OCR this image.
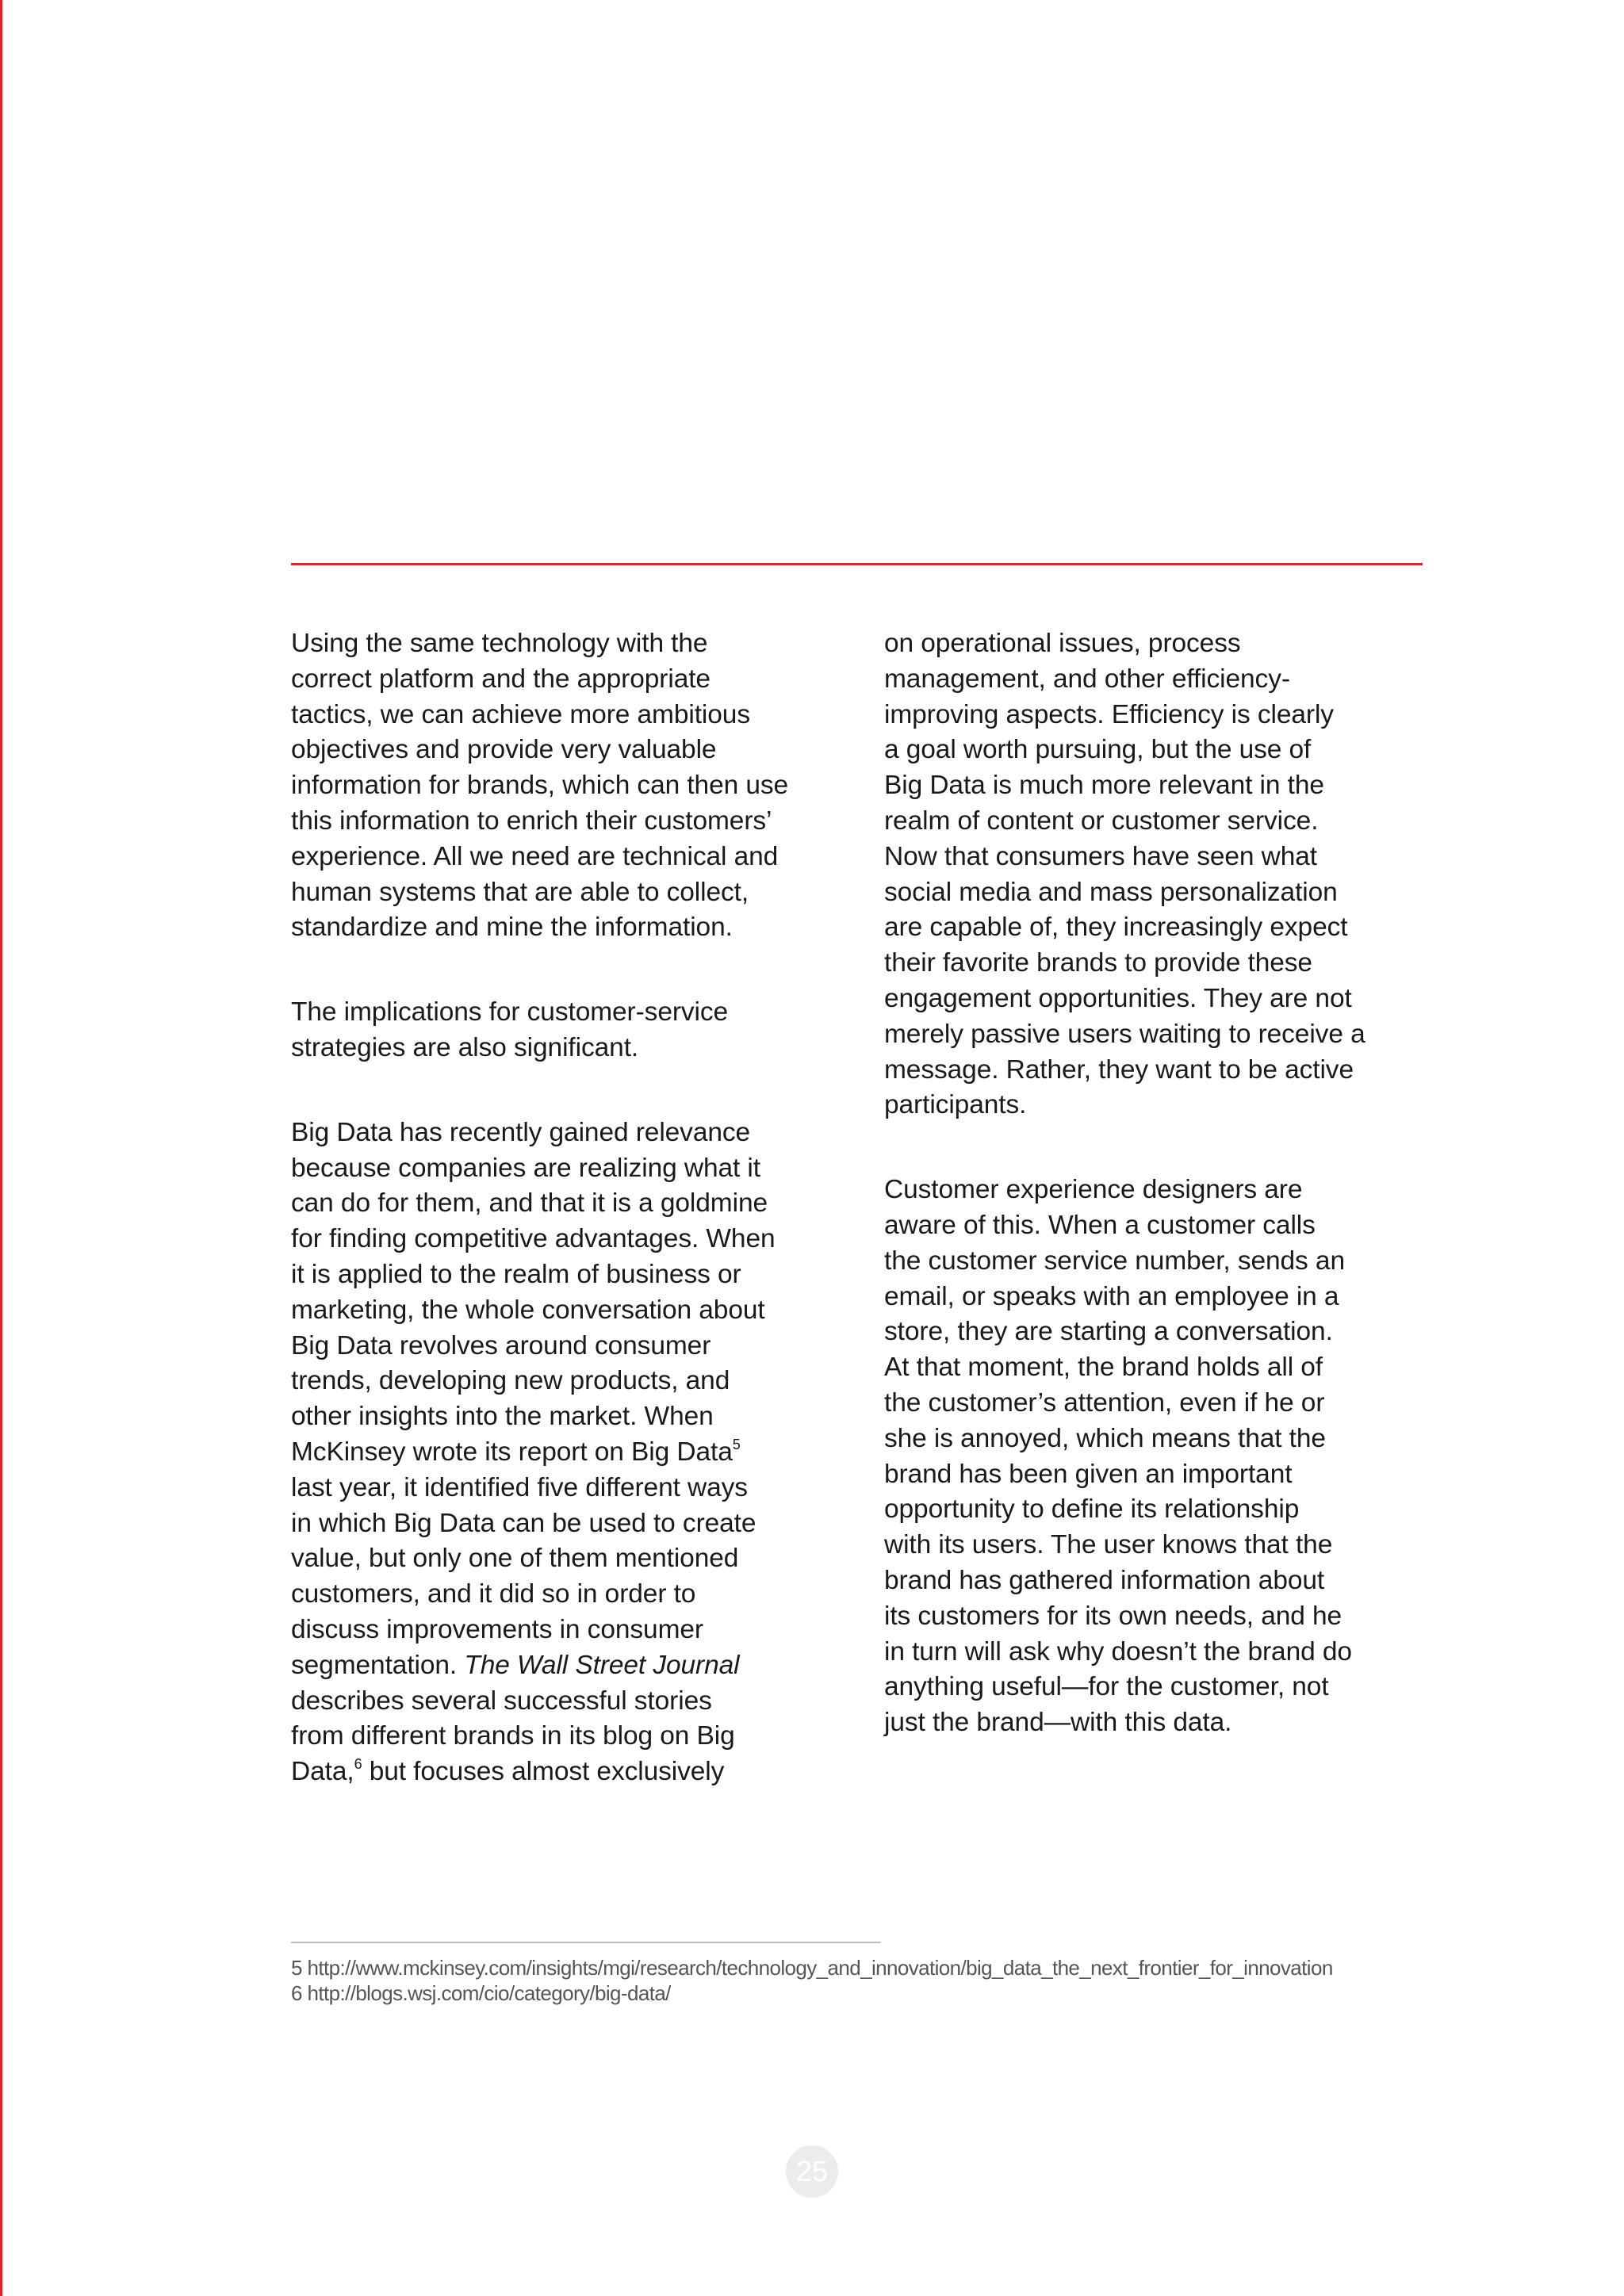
Using the same technology with the
correct platform and the appropriate
tactics, we can achieve more ambitious
objectives and provide very valuable
information for brands, which can then use
this information to enrich their customers’
experience. All we need are technical and
human systems that are able to collect,
standardize and mine the information.

The implications for customer-service
strategies are also significant.

Big Data has recently gained relevance
because companies are realizing what it
can do for them, and that it is a goldmine
for finding competitive advantages. When
it is applied to the realm of business or
marketing, the whole conversation about
Big Data revolves around consumer
trends, developing new products, and
other insights into the market. When
McKinsey wrote its report on Big Data$^5$
last year, it identified five different ways
in which Big Data can be used to create
value, but only one of them mentioned
customers, and it did so in order to
discuss improvements in consumer
segmentation. The Wall Street Journal
describes several successful stories
from different brands in its blog on Big
Data,$^6$ but focuses almost exclusively

on operational issues, process
management, and other efficiency-
improving aspects. Efficiency is clearly
a goal worth pursuing, but the use of
Big Data is much more relevant in the
realm of content or customer service.
Now that consumers have seen what
social media and mass personalization
are capable of, they increasingly expect
their favorite brands to provide these
engagement opportunities. They are not
merely passive users waiting to receive a
message. Rather, they want to be active
participants.

Customer experience designers are
aware of this. When a customer calls
the customer service number, sends an
email, or speaks with an employee in a
store, they are starting a conversation.
At that moment, the brand holds all of
the customer’s attention, even if he or
she is annoyed, which means that the
brand has been given an important
opportunity to define its relationship
with its users. The user knows that the
brand has gathered information about
its customers for its own needs, and he
in turn will ask why doesn’t the brand do
anything useful—for the customer, not
just the brand—with this data.

5 http://www.mckinsey.com/insights/mgi/research/technology_and_innovation/big_data_the_next_frontier_for_innovation
6 http://blogs.wsj.com/cio/category/big-data/
25
